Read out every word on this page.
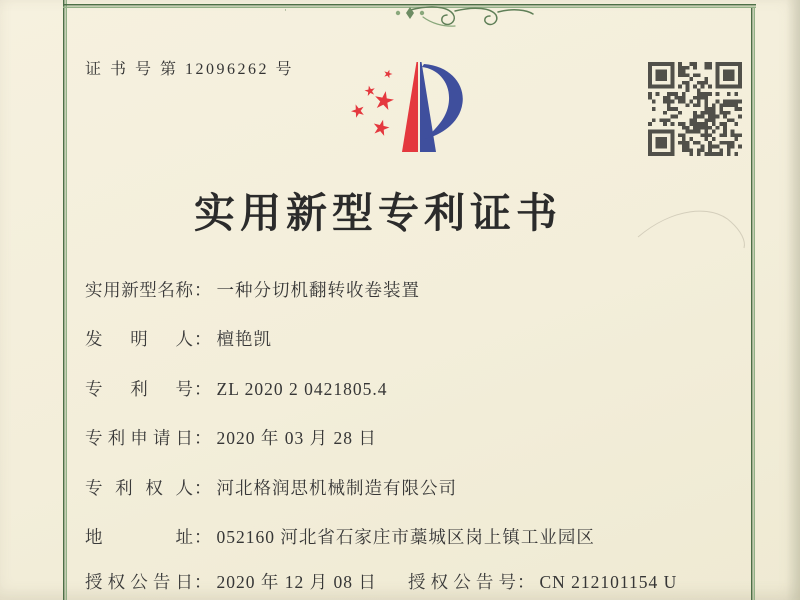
证 书 号 第 12096262 号
实用新型专利证书
实用新型名称： 一种分切机翻转收卷装置
发明人： 檀艳凯
专利号： ZL 2020 2 0421805.4
专利申请日： 2020 年 03 月 28 日
专利权人： 河北格润思机械制造有限公司
地址： 052160 河北省石家庄市藁城区岗上镇工业园区
授权公告日： 2020 年 12 月 08 日 授权公告号： CN 212101154 U
